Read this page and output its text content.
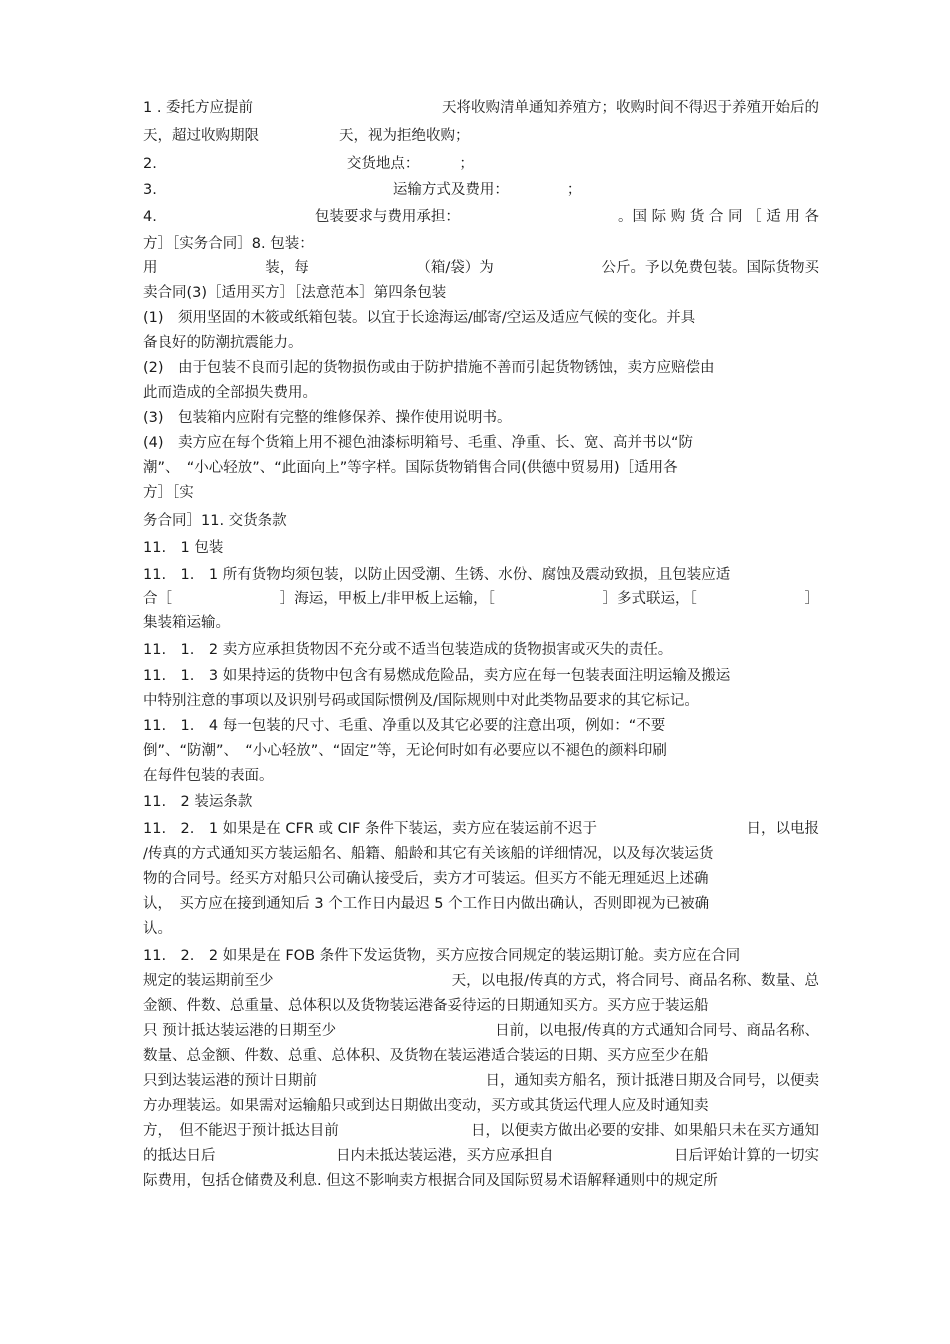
1 . 委托方应提前	天将收购清单通知养殖方；收购时间不得迟于养殖开始后的
天，超过收购期限	天，视为拒绝收购；
2.	交货地点：	；
3.	运输方式及费用：	；
4.	包装要求与费用承担：	。国 际 购 货 合 同 ［ 适 用 各
方］［实务合同］8. 包装：
用	装，每	（箱/袋）为	公斤。予以免费包装。国际货物买
卖合同(3)［适用买方］［法意范本］第四条包装
(1)　须用坚固的木筱或纸箱包装。以宜于长途海运/邮寄/空运及适应气候的变化。并具
备良好的防潮抗震能力。
(2)　由于包装不良而引起的货物损伤或由于防护措施不善而引起货物锈蚀，卖方应赔偿由
此而造成的全部损失费用。
(3)　包装箱内应附有完整的维修保养、操作使用说明书。
(4)　卖方应在每个货箱上用不褪色油漆标明箱号、毛重、净重、长、宽、高并书以“防
潮”、　“小心轻放”、“此面向上”等字样。国际货物销售合同(供德中贸易用)［适用各
方］［实
务合同］11. 交货条款
11.　1 包装
11.　1.　1 所有货物均须包装，以防止因受潮、生锈、水份、腐蚀及震动致损，且包装应适
合［	］海运，甲板上/非甲板上运输，［	］多式联运，［	］
集装箱运输。
11.　1.　2 卖方应承担货物因不充分或不适当包装造成的货物损害或灭失的责任。
11.　1.　3 如果持运的货物中包含有易燃成危险品，卖方应在每一包装表面注明运输及搬运
中特别注意的事项以及识别号码或国际惯例及/国际规则中对此类物品要求的其它标记。
11.　1.　4 每一包装的尺寸、毛重、净重以及其它必要的注意出项，例如：“不要
倒”、“防潮”、　“小心轻放”、“固定”等，无论何时如有必要应以不褪色的颜料印刷
在每件包装的表面。
11.　2 装运条款
11.　2.　1 如果是在 CFR 或 CIF 条件下装运，卖方应在装运前不迟于	日，以电报
/传真的方式通知买方装运船名、船籍、船龄和其它有关该船的详细情况，以及每次装运货
物的合同号。经买方对船只公司确认接受后，卖方才可装运。但买方不能无理延迟上述确
认，　买方应在接到通知后 3 个工作日内最迟 5 个工作日内做出确认，否则即视为已被确
认。
11.　2.　2 如果是在 FOB 条件下发运货物，买方应按合同规定的装运期订舱。卖方应在合同
规定的装运期前至少	天，以电报/传真的方式，将合同号、商品名称、数量、总
金额、件数、总重量、总体积以及货物装运港备妥待运的日期通知买方。买方应于装运船
只 预计抵达装运港的日期至少	日前，以电报/传真的方式通知合同号、商品名称、
数量、总金额、件数、总重、总体积、及货物在装运港适合装运的日期、买方应至少在船
只到达装运港的预计日期前	日，通知卖方船名，预计抵港日期及合同号，以便卖
方办理装运。如果需对运输船只或到达日期做出变动，买方或其货运代理人应及时通知卖
方，　但不能迟于预计抵达目前	日，以便卖方做出必要的安排、如果船只未在买方通知
的抵达日后	日内未抵达装运港，买方应承担自	日后评始计算的一切实
际费用，包括仓储费及利息. 但这不影响卖方根据合同及国际贸易术语解释通则中的规定所
